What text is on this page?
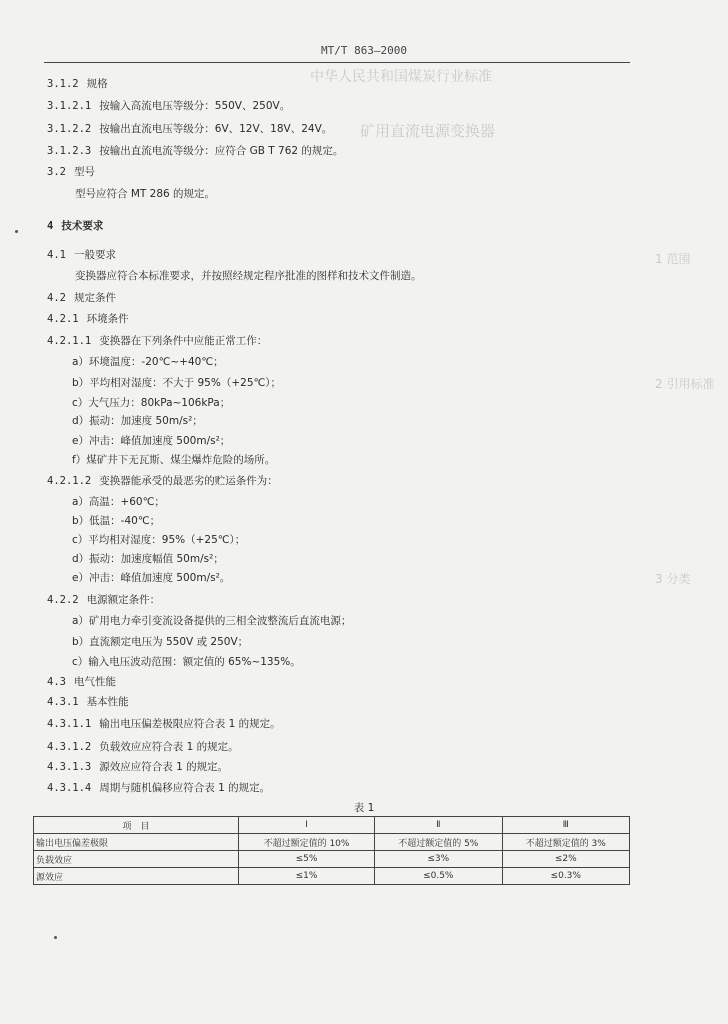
中华人民共和国煤炭行业标准
矿用直流电源变换器
1 范围
2 引用标准
3 分类
MT/T 863—2000
3.1.2 规格
3.1.2.1 按输入高流电压等级分：550V、250V。
3.1.2.2 按输出直流电压等级分：6V、12V、18V、24V。
3.1.2.3 按输出直流电流等级分：应符合 GB T 762 的规定。
3.2 型号
型号应符合 MT 286 的规定。
4 技术要求
4.1 一般要求
变换器应符合本标准要求，并按照经规定程序批准的图样和技术文件制造。
4.2 规定条件
4.2.1 环境条件
4.2.1.1 变换器在下列条件中应能正常工作：
a）环境温度：-20℃~+40℃；
b）平均相对湿度：不大于 95%（+25℃）；
c）大气压力：80kPa~106kPa；
d）振动：加速度 50m/s²；
e）冲击：峰值加速度 500m/s²；
f）煤矿井下无瓦斯、煤尘爆炸危险的场所。
4.2.1.2 变换器能承受的最恶劣的贮运条件为：
a）高温：+60℃；
b）低温：-40℃；
c）平均相对湿度：95%（+25℃）；
d）振动：加速度幅值 50m/s²；
e）冲击：峰值加速度 500m/s²。
4.2.2 电源额定条件：
a）矿用电力牵引变流设备提供的三相全波整流后直流电源；
b）直流额定电压为 550V 或 250V；
c）输入电压波动范围：额定值的 65%~135%。
4.3 电气性能
4.3.1 基本性能
4.3.1.1 输出电压偏差极限应符合表 1 的规定。
4.3.1.2 负载效应应符合表 1 的规定。
4.3.1.3 源效应应符合表 1 的规定。
4.3.1.4 周期与随机偏移应符合表 1 的规定。
表 1
项　目	Ⅰ	Ⅱ	Ⅲ
输出电压偏差极限	不超过额定值的 10%	不超过额定值的 5%	不超过额定值的 3%
负载效应	≤5%	≤3%	≤2%
源效应	≤1%	≤0.5%	≤0.3%
